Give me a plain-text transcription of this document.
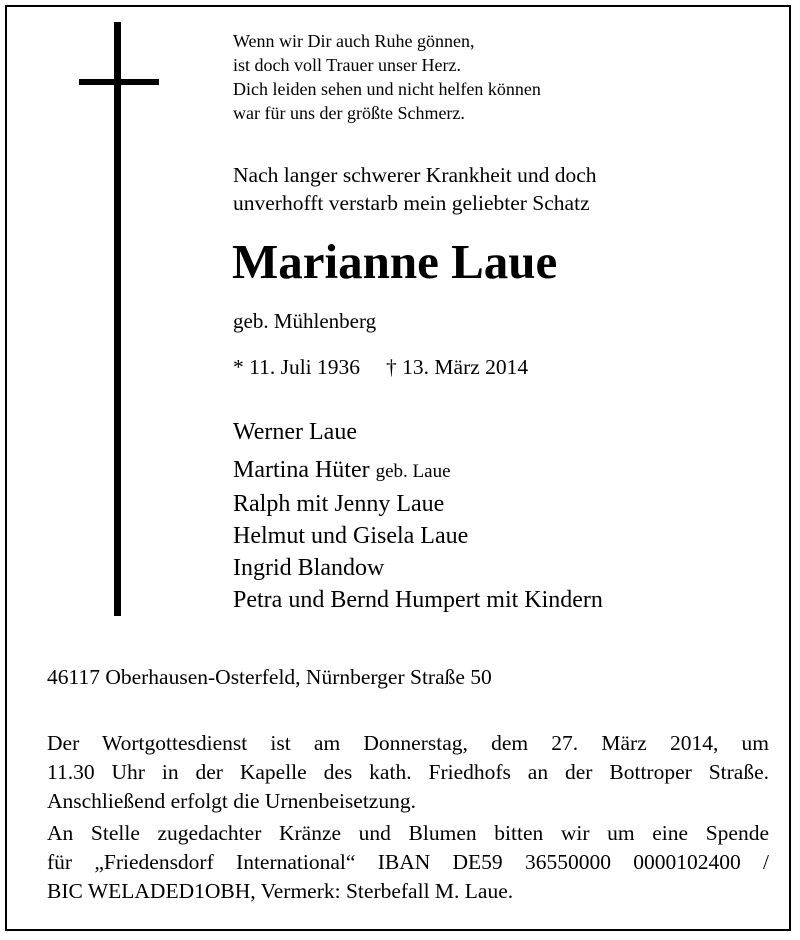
Wenn wir Dir auch Ruhe gönnen,
ist doch voll Trauer unser Herz.
Dich leiden sehen und nicht helfen können
war für uns der größte Schmerz.
Nach langer schwerer Krankheit und doch
unverhofft verstarb mein geliebter Schatz
Marianne Laue
geb. Mühlenberg
* 11. Juli 1936 † 13. März 2014
Werner Laue
Martina Hüter geb. Laue
Ralph mit Jenny Laue
Helmut und Gisela Laue
Ingrid Blandow
Petra und Bernd Humpert mit Kindern
46117 Oberhausen-Osterfeld, Nürnberger Straße 50
Der Wortgottesdienst ist am Donnerstag, dem 27. März 2014, um
11.30 Uhr in der Kapelle des kath. Friedhofs an der Bottroper Straße.
Anschließend erfolgt die Urnenbeisetzung.
An Stelle zugedachter Kränze und Blumen bitten wir um eine Spende
für „Friedensdorf International“ IBAN DE59 36550000 0000102400 /
BIC WELADED1OBH, Vermerk: Sterbefall M. Laue.
